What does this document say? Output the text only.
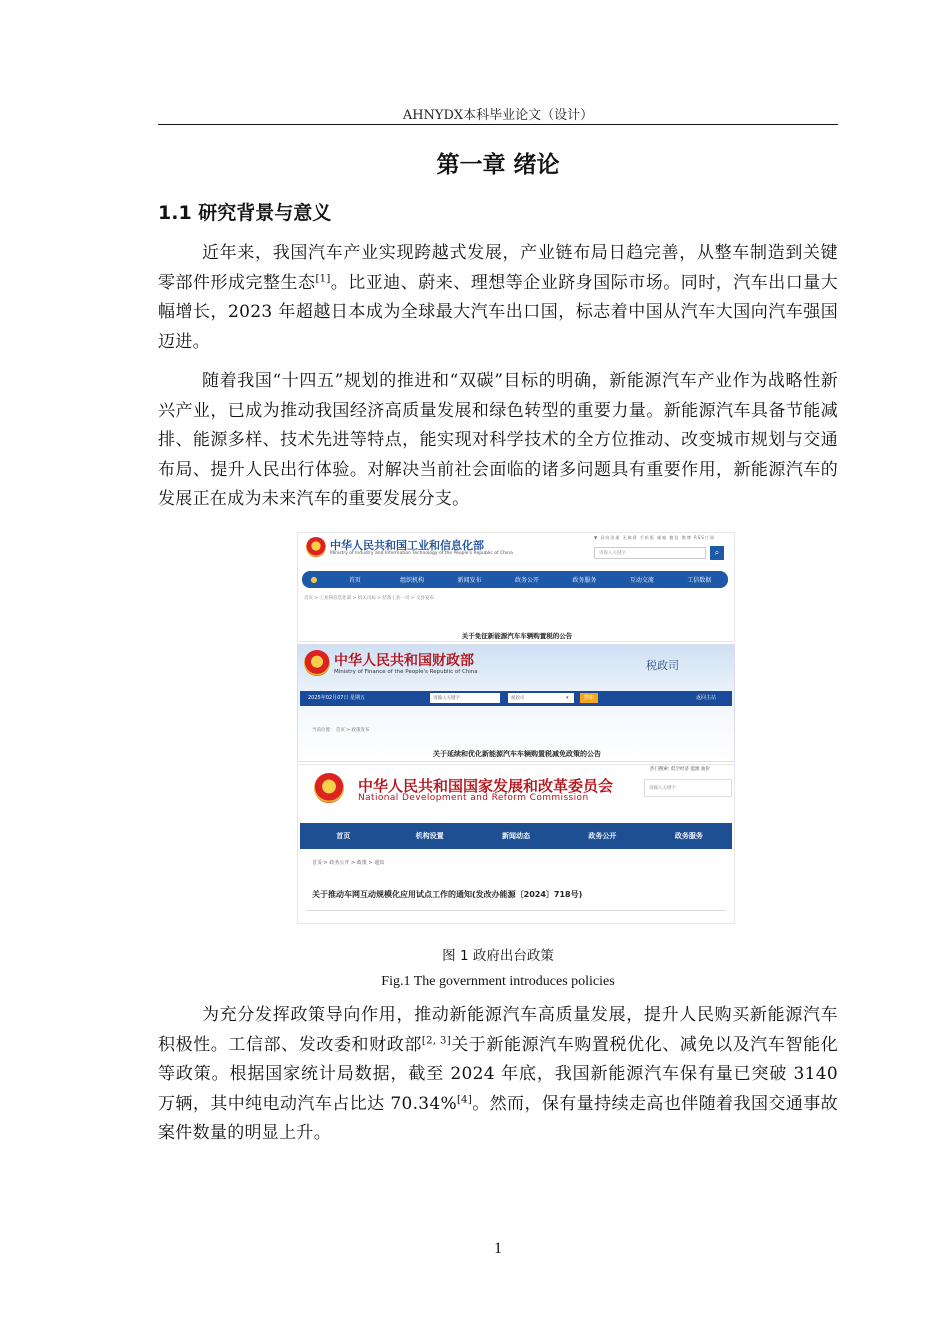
AHNYDX本科毕业论文（设计）
第一章 绪论
1.1 研究背景与意义

近年来，我国汽车产业实现跨越式发展，产业链布局日趋完善，从整车制造到关键零部件形成完整生态[1]。比亚迪、蔚来、理想等企业跻身国际市场。同时，汽车出口量大幅增长，2023 年超越日本成为全球最大汽车出口国，标志着中国从汽车大国向汽车强国迈进。

随着我国“十四五”规划的推进和“双碳”目标的明确，新能源汽车产业作为战略性新兴产业，已成为推动我国经济高质量发展和绿色转型的重要力量。新能源汽车具备节能减排、能源多样、技术先进等特点，能实现对科学技术的全方位推动、改变城市规划与交通布局、提升人民出行体验。对解决当前社会面临的诸多问题具有重要作用，新能源汽车的发展正在成为未来汽车的重要发展分支。

中华人民共和国工业和信息化部
Ministry of Industry and Information Technology of the People's Republic of China
▼ 双向沟通 无障碍 手机版 邮箱 微信 微博 RSS订阅
请输入关键字	⌕
●	首页	组织机构	新闻发布	政务公开	政务服务	互动交流	工信数据
首页 > 工业和信息化部 > 机关司局 > 装备工业一司 > 文件发布
关于免征新能源汽车车辆购置税的公告
中华人民共和国财政部
Ministry of Finance of the People's Republic of China	税政司
2025年02月07日 星期五	请输入关键字	税政司	▾	搜索	返回主站
当前位置： 首页 > 政策发布
关于延续和优化新能源汽车车辆购置税减免政策的公告
中华人民共和国国家发展和改革委员会
National Development and Reform Commission
热门搜索: 低空经济 能源 油价
请输入关键字
首页	机构设置	新闻动态	政务公开	政务服务
首页 > 政务公开 > 政策 > 通知
关于推动车网互动规模化应用试点工作的通知(发改办能源〔2024〕718号)
图 1 政府出台政策
Fig.1 The government introduces policies

为充分发挥政策导向作用，推动新能源汽车高质量发展，提升人民购买新能源汽车积极性。工信部、发改委和财政部[2, 3]关于新能源汽车购置税优化、减免以及汽车智能化等政策。根据国家统计局数据，截至 2024 年底，我国新能源汽车保有量已突破 3140 万辆，其中纯电动汽车占比达 70.34%[4]。然而，保有量持续走高也伴随着我国交通事故案件数量的明显上升。

1
